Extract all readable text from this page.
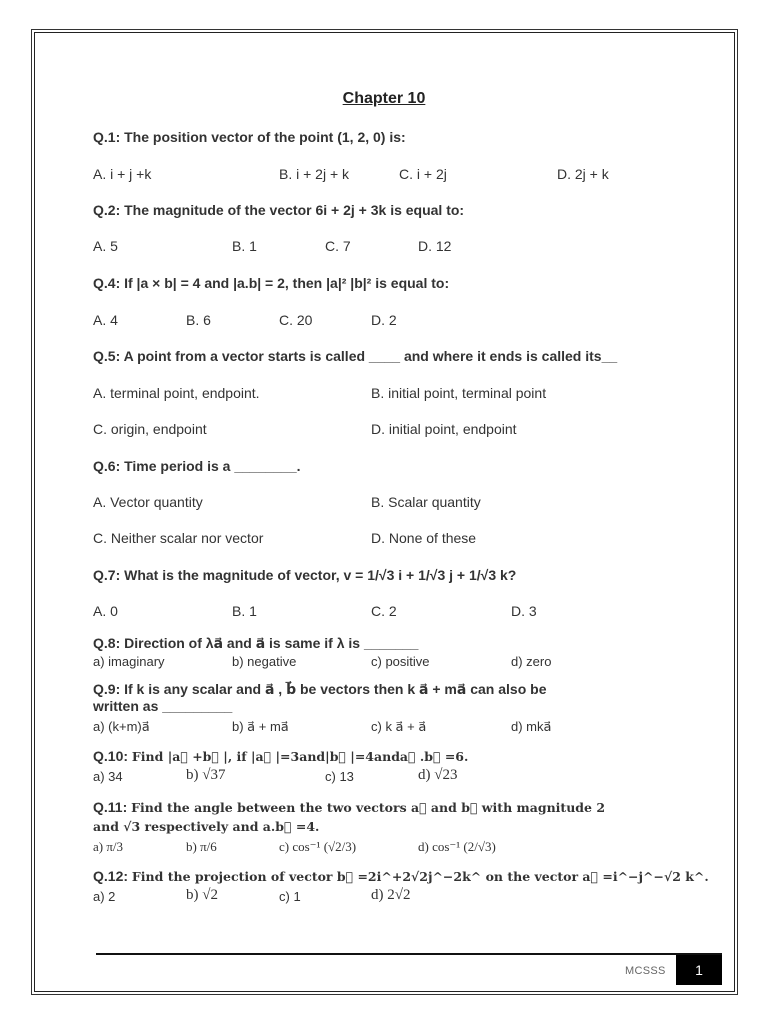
Chapter 10
Q.1: The position vector of the point (1, 2, 0) is:
A. i + j +k	B. i + 2j + k	C. i + 2j	D. 2j + k
Q.2: The magnitude of the vector 6i + 2j + 3k is equal to:
A. 5	B. 1	C. 7	D. 12
Q.4: If |a × b| = 4 and |a.b| = 2, then |a|² |b|² is equal to:
A. 4	B. 6	C. 20	D. 2
Q.5: A point from a vector starts is called ____ and where it ends is called its__
A. terminal point, endpoint.	B. initial point, terminal point
C. origin, endpoint	D. initial point, endpoint
Q.6: Time period is a ________.
A. Vector quantity	B. Scalar quantity
C. Neither scalar nor vector	D. None of these
Q.7: What is the magnitude of vector, v = 1/√3 i + 1/√3 j + 1/√3 k?
A. 0	B. 1	C. 2	D. 3
Q.8: Direction of λa⃗ and a⃗ is same if λ is _______
a) imaginary	b) negative	c) positive	d) zero
Q.9: If k is any scalar and a⃗ , b⃗ be vectors then k a⃗ + ma⃗ can also be
written as _________
a) (k+m)a⃗	b) a⃗ + ma⃗	c) k a⃗ + a⃗	d) mka⃗
Q.10: Find |a⃗ +b⃗ |, if |a⃗ |=3and|b⃗ |=4anda⃗ .b⃗ =6.
a) 34	b) √37	c) 13	d) √23
Q.11: Find the angle between the two vectors a⃗ and b⃗ with magnitude 2
and √3 respectively and a.b⃗ =4.
a) π/3	b) π/6	c) cos⁻¹ (√2/3)	d) cos⁻¹ (2/√3)
Q.12: Find the projection of vector b⃗ =2i^+2√2j^−2k^ on the vector a⃗ =i^−j^−√2 k^.
a) 2	b) √2	c) 1	d) 2√2
MCSSS	1
